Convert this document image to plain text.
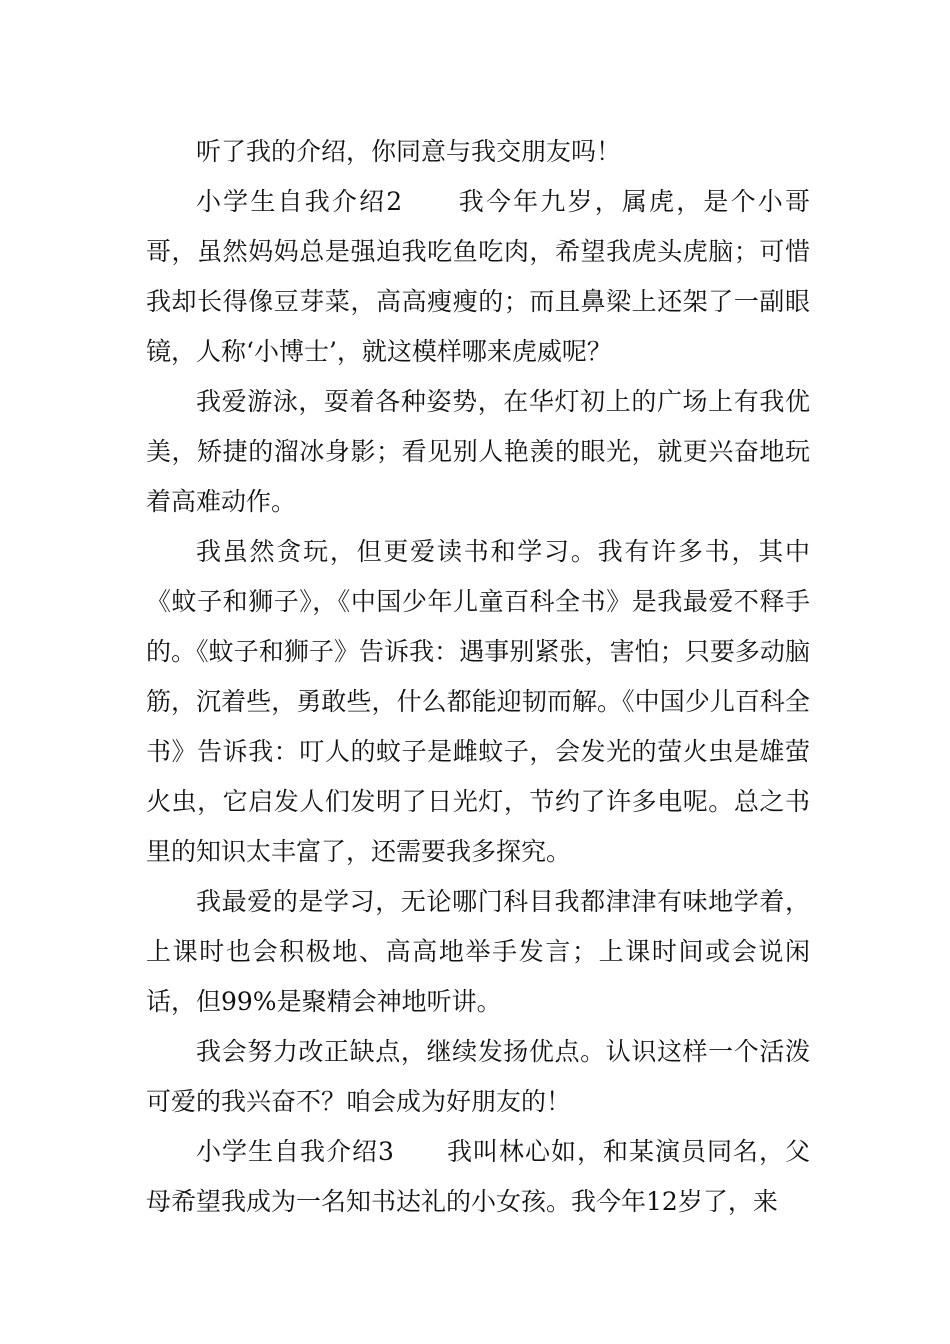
听了我的介绍，你同意与我交朋友吗！

小学生自我介绍2　　我今年九岁，属虎，是个小哥哥，虽然妈妈总是强迫我吃鱼吃肉，希望我虎头虎脑；可惜我却长得像豆芽菜，高高瘦瘦的；而且鼻梁上还架了一副眼镜，人称‘小博士’，就这模样哪来虎威呢？

我爱游泳，耍着各种姿势，在华灯初上的广场上有我优美，矫捷的溜冰身影；看见别人艳羡的眼光，就更兴奋地玩着高难动作。

我虽然贪玩，但更爱读书和学习。我有许多书，其中《蚊子和狮子》，《中国少年儿童百科全书》是我最爱不释手的。《蚊子和狮子》告诉我：遇事别紧张，害怕；只要多动脑筋，沉着些，勇敢些，什么都能迎韧而解。《中国少儿百科全书》告诉我：叮人的蚊子是雌蚊子，会发光的萤火虫是雄萤火虫，它启发人们发明了日光灯，节约了许多电呢。总之书里的知识太丰富了，还需要我多探究。

我最爱的是学习，无论哪门科目我都津津有味地学着，上课时也会积极地、高高地举手发言；上课时间或会说闲话，但99%是聚精会神地听讲。

我会努力改正缺点，继续发扬优点。认识这样一个活泼可爱的我兴奋不？咱会成为好朋友的！

小学生自我介绍3　　我叫林心如，和某演员同名，父母希望我成为一名知书达礼的小女孩。我今年12岁了，来
